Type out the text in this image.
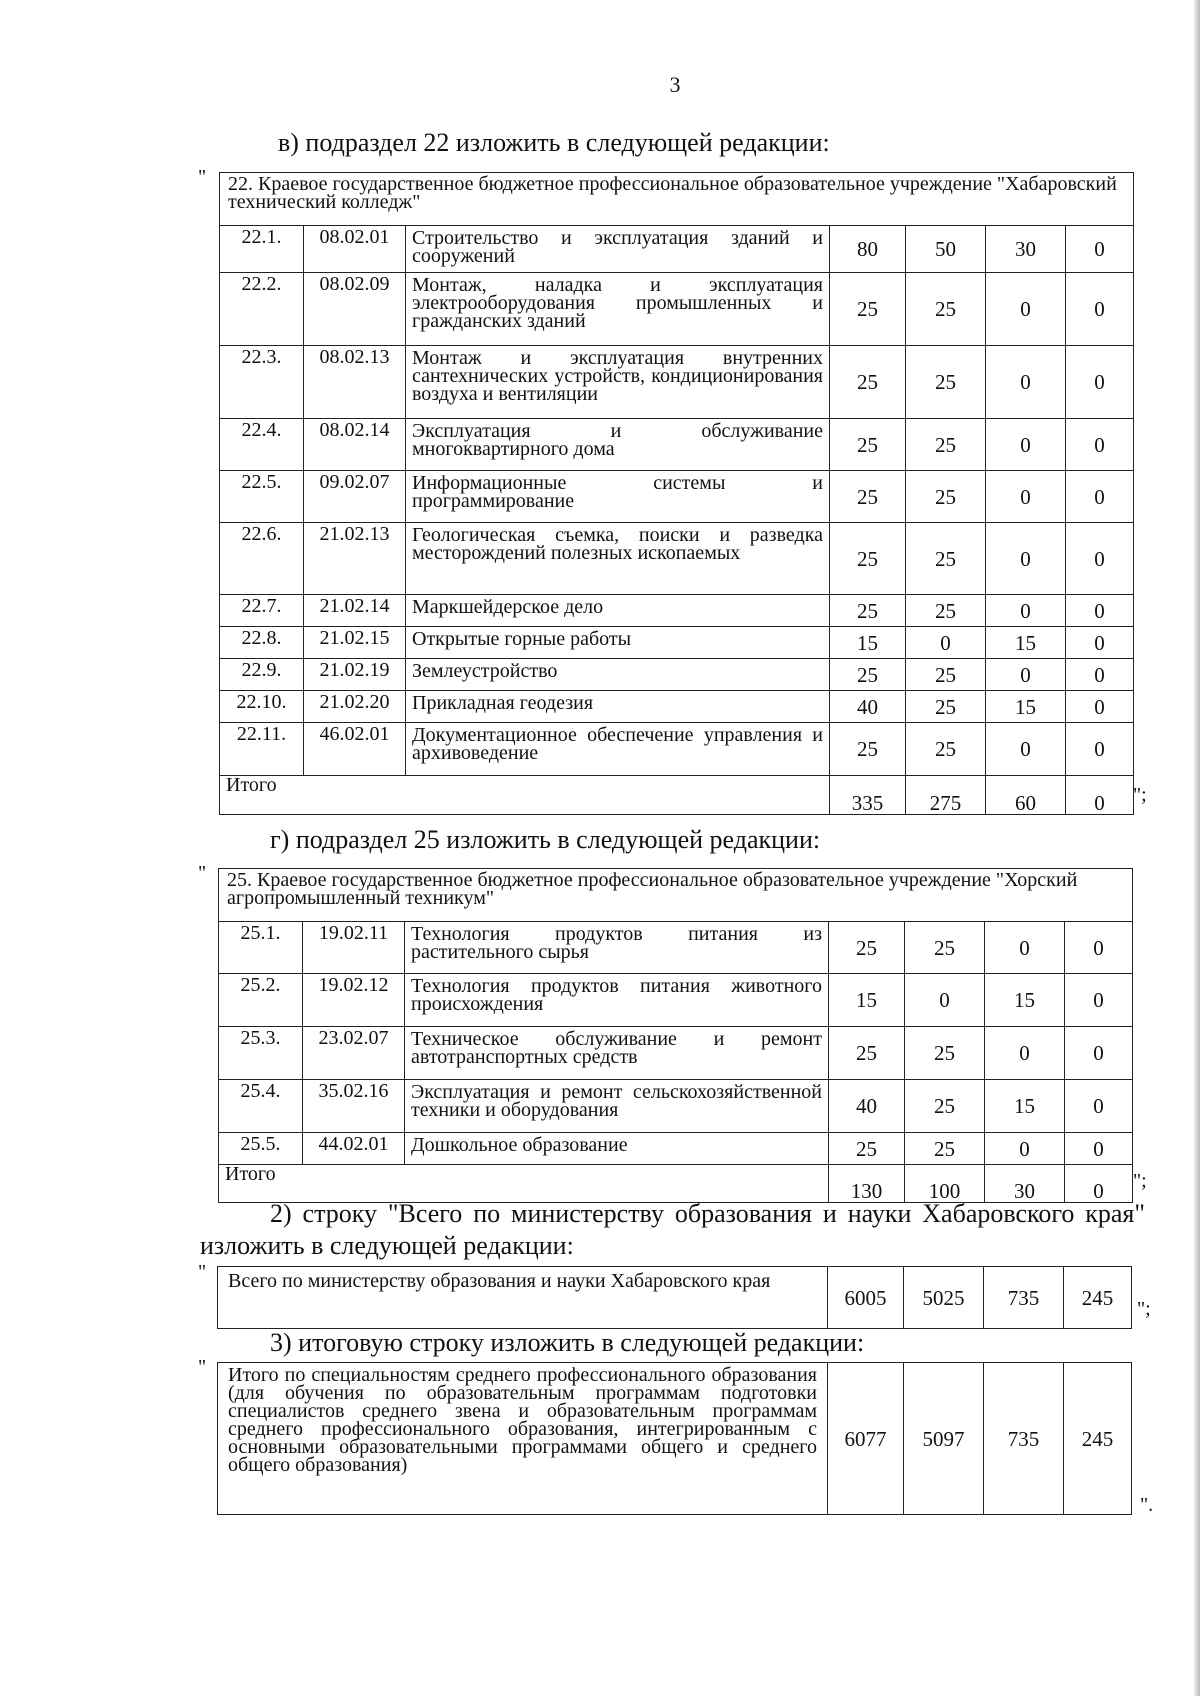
3
в) подраздел 22 изложить в следующей редакции:
" 22. Краевое государственное бюджетное профессиональное образовательное учреждение "Хабаровский технический колледж"						
22.1.	08.02.01	Строительство и эксплуатация зданий и сооружений	80	50	30	0
22.2.	08.02.09	Монтаж, наладка и эксплуатация электрооборудования промышленных и гражданских зданий	25	25	0	0
22.3.	08.02.13	Монтаж и эксплуатация внутренних сантехнических устройств, кондиционирования воздуха и вентиляции	25	25	0	0
22.4.	08.02.14	Эксплуатация и обслуживание многоквартирного дома	25	25	0	0
22.5.	09.02.07	Информационные системы и программирование	25	25	0	0
22.6.	21.02.13	Геологическая съемка, поиски и разведка месторождений полезных ископаемых	25	25	0	0
22.7.	21.02.14	Маркшейдерское дело	25	25	0	0
22.8.	21.02.15	Открытые горные работы	15	0	15	0
22.9.	21.02.19	Землеустройство	25	25	0	0
22.10.	21.02.20	Прикладная геодезия	40	25	15	0
22.11.	46.02.01	Документационное обеспечение управления и архивоведение	25	25	0	0
Итого			335	275	60	0 ";
г) подраздел 25 изложить в следующей редакции:
" 25. Краевое государственное бюджетное профессиональное образовательное учреждение "Хорский агропромышленный техникум"						
25.1.	19.02.11	Технология продуктов питания из растительного сырья	25	25	0	0
25.2.	19.02.12	Технология продуктов питания животного происхождения	15	0	15	0
25.3.	23.02.07	Техническое обслуживание и ремонт автотранспортных средств	25	25	0	0
25.4.	35.02.16	Эксплуатация и ремонт сельскохозяйственной техники и оборудования	40	25	15	0
25.5.	44.02.01	Дошкольное образование	25	25	0	0
Итого			130	100	30	0 ";
2) строку "Всего по министерству образования и науки Хабаровского края" изложить в следующей редакции:
" Всего по министерству образования и науки Хабаровского края	6005	5025	735	245 ";
3) итоговую строку изложить в следующей редакции:
" Итого по специальностям среднего профессионального образования (для обучения по образовательным программам подготовки специалистов среднего звена и образовательным программам среднего профессионального образования, интегрированным с основными образовательными программами общего и среднего общего образования)	6077	5097	735	245
".
